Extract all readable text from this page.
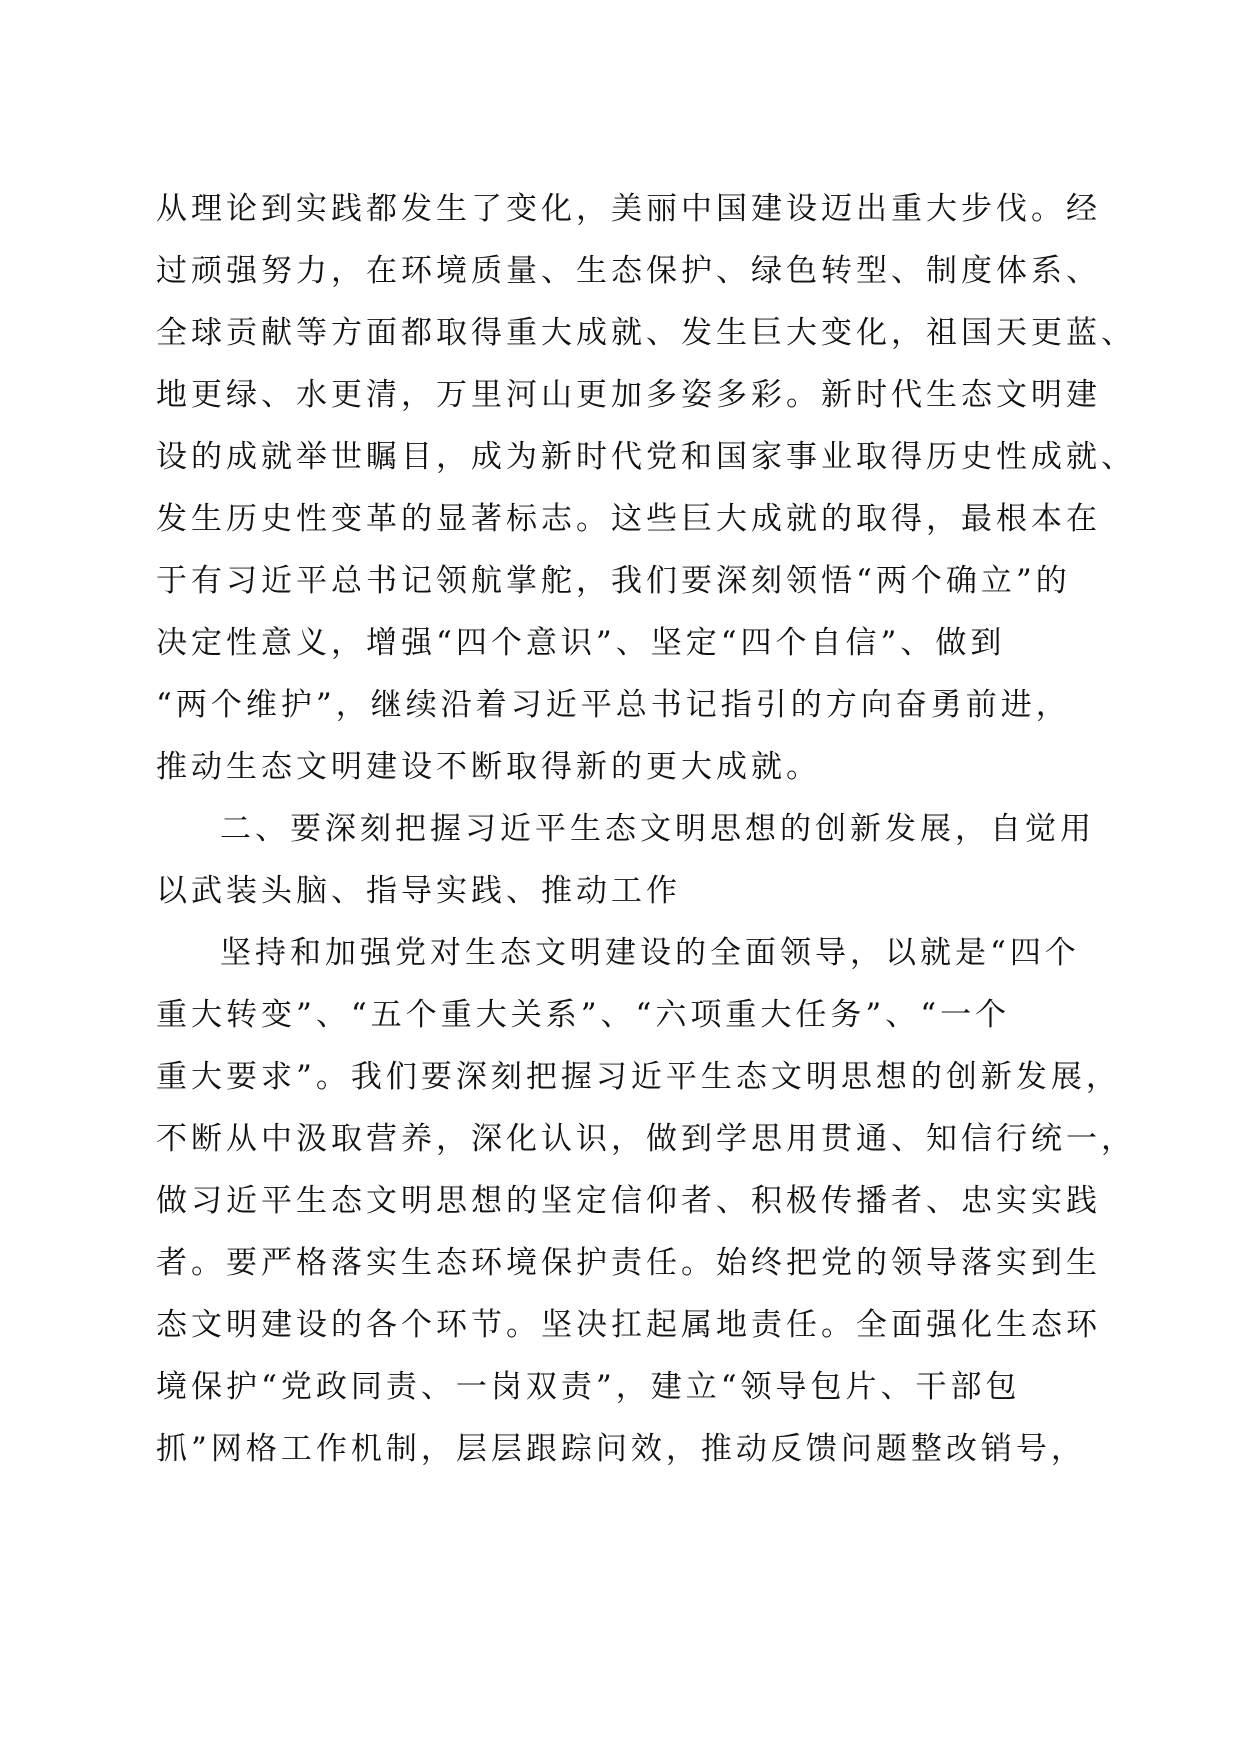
从理论到实践都发生了变化，美丽中国建设迈出重大步伐。经
过顽强努力，在环境质量、生态保护、绿色转型、制度体系、
全球贡献等方面都取得重大成就、发生巨大变化，祖国天更蓝、
地更绿、水更清，万里河山更加多姿多彩。新时代生态文明建
设的成就举世瞩目，成为新时代党和国家事业取得历史性成就、
发生历史性变革的显著标志。这些巨大成就的取得，最根本在
于有习近平总书记领航掌舵，我们要深刻领悟“两个确立”的
决定性意义，增强“四个意识”、坚定“四个自信”、做到
“两个维护”，继续沿着习近平总书记指引的方向奋勇前进，
推动生态文明建设不断取得新的更大成就。
二、要深刻把握习近平生态文明思想的创新发展，自觉用
以武装头脑、指导实践、推动工作
坚持和加强党对生态文明建设的全面领导，以就是“四个
重大转变”、“五个重大关系”、“六项重大任务”、“一个
重大要求”。我们要深刻把握习近平生态文明思想的创新发展，
不断从中汲取营养，深化认识，做到学思用贯通、知信行统一，
做习近平生态文明思想的坚定信仰者、积极传播者、忠实实践
者。要严格落实生态环境保护责任。始终把党的领导落实到生
态文明建设的各个环节。坚决扛起属地责任。全面强化生态环
境保护“党政同责、一岗双责”，建立“领导包片、干部包
抓”网格工作机制，层层跟踪问效，推动反馈问题整改销号，
